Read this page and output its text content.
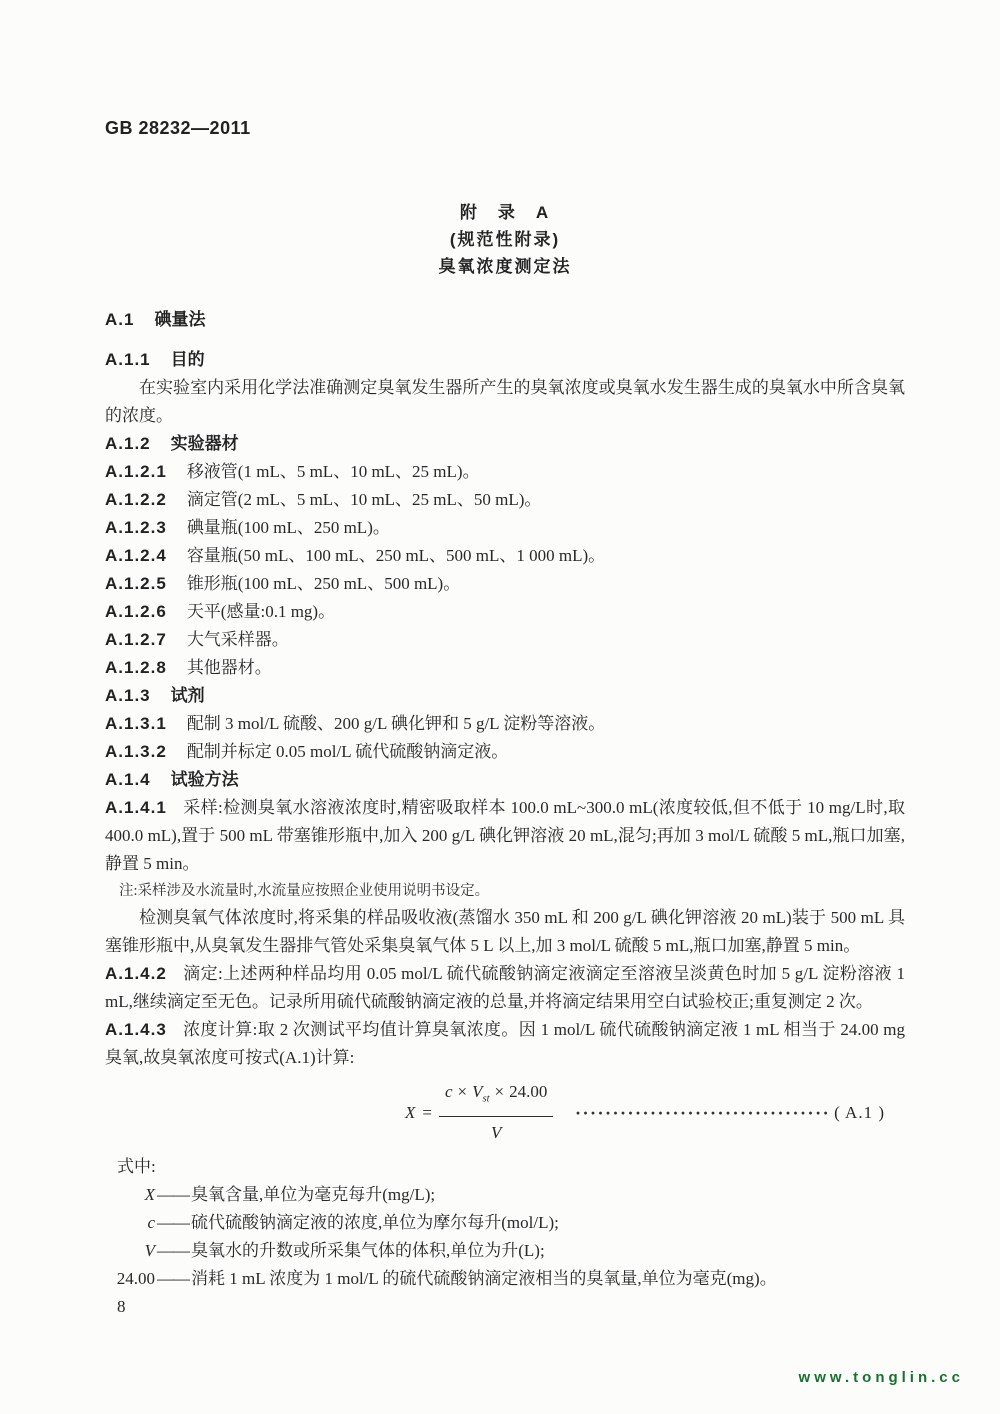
GB 28232—2011
附　录　A
(规范性附录)
臭氧浓度测定法
A.1 碘量法
A.1.1 目的
在实验室内采用化学法准确测定臭氧发生器所产生的臭氧浓度或臭氧水发生器生成的臭氧水中所含臭氧的浓度。
A.1.2 实验器材
A.1.2.1 移液管(1 mL、5 mL、10 mL、25 mL)。
A.1.2.2 滴定管(2 mL、5 mL、10 mL、25 mL、50 mL)。
A.1.2.3 碘量瓶(100 mL、250 mL)。
A.1.2.4 容量瓶(50 mL、100 mL、250 mL、500 mL、1 000 mL)。
A.1.2.5 锥形瓶(100 mL、250 mL、500 mL)。
A.1.2.6 天平(感量:0.1 mg)。
A.1.2.7 大气采样器。
A.1.2.8 其他器材。
A.1.3 试剂
A.1.3.1 配制 3 mol/L 硫酸、200 g/L 碘化钾和 5 g/L 淀粉等溶液。
A.1.3.2 配制并标定 0.05 mol/L 硫代硫酸钠滴定液。
A.1.4 试验方法
A.1.4.1 采样:检测臭氧水溶液浓度时,精密吸取样本 100.0 mL~300.0 mL(浓度较低,但不低于 10 mg/L时,取 400.0 mL),置于 500 mL 带塞锥形瓶中,加入 200 g/L 碘化钾溶液 20 mL,混匀;再加 3 mol/L 硫酸 5 mL,瓶口加塞,静置 5 min。
注:采样涉及水流量时,水流量应按照企业使用说明书设定。
检测臭氧气体浓度时,将采集的样品吸收液(蒸馏水 350 mL 和 200 g/L 碘化钾溶液 20 mL)装于 500 mL 具塞锥形瓶中,从臭氧发生器排气管处采集臭氧气体 5 L 以上,加 3 mol/L 硫酸 5 mL,瓶口加塞,静置 5 min。
A.1.4.2 滴定:上述两种样品均用 0.05 mol/L 硫代硫酸钠滴定液滴定至溶液呈淡黄色时加 5 g/L 淀粉溶液 1 mL,继续滴定至无色。记录所用硫代硫酸钠滴定液的总量,并将滴定结果用空白试验校正;重复测定 2 次。
A.1.4.3 浓度计算:取 2 次测试平均值计算臭氧浓度。因 1 mol/L 硫代硫酸钠滴定液 1 mL 相当于 24.00 mg 臭氧,故臭氧浓度可按式(A.1)计算:
$X = \frac{c \times V_{st} \times 24.00}{V}$	·································· ( A.1 )
式中:
X —— 臭氧含量,单位为毫克每升(mg/L);
c —— 硫代硫酸钠滴定液的浓度,单位为摩尔每升(mol/L);
V —— 臭氧水的升数或所采集气体的体积,单位为升(L);
24.00 —— 消耗 1 mL 浓度为 1 mol/L 的硫代硫酸钠滴定液相当的臭氧量,单位为毫克(mg)。
8
www.tonglin.cc
